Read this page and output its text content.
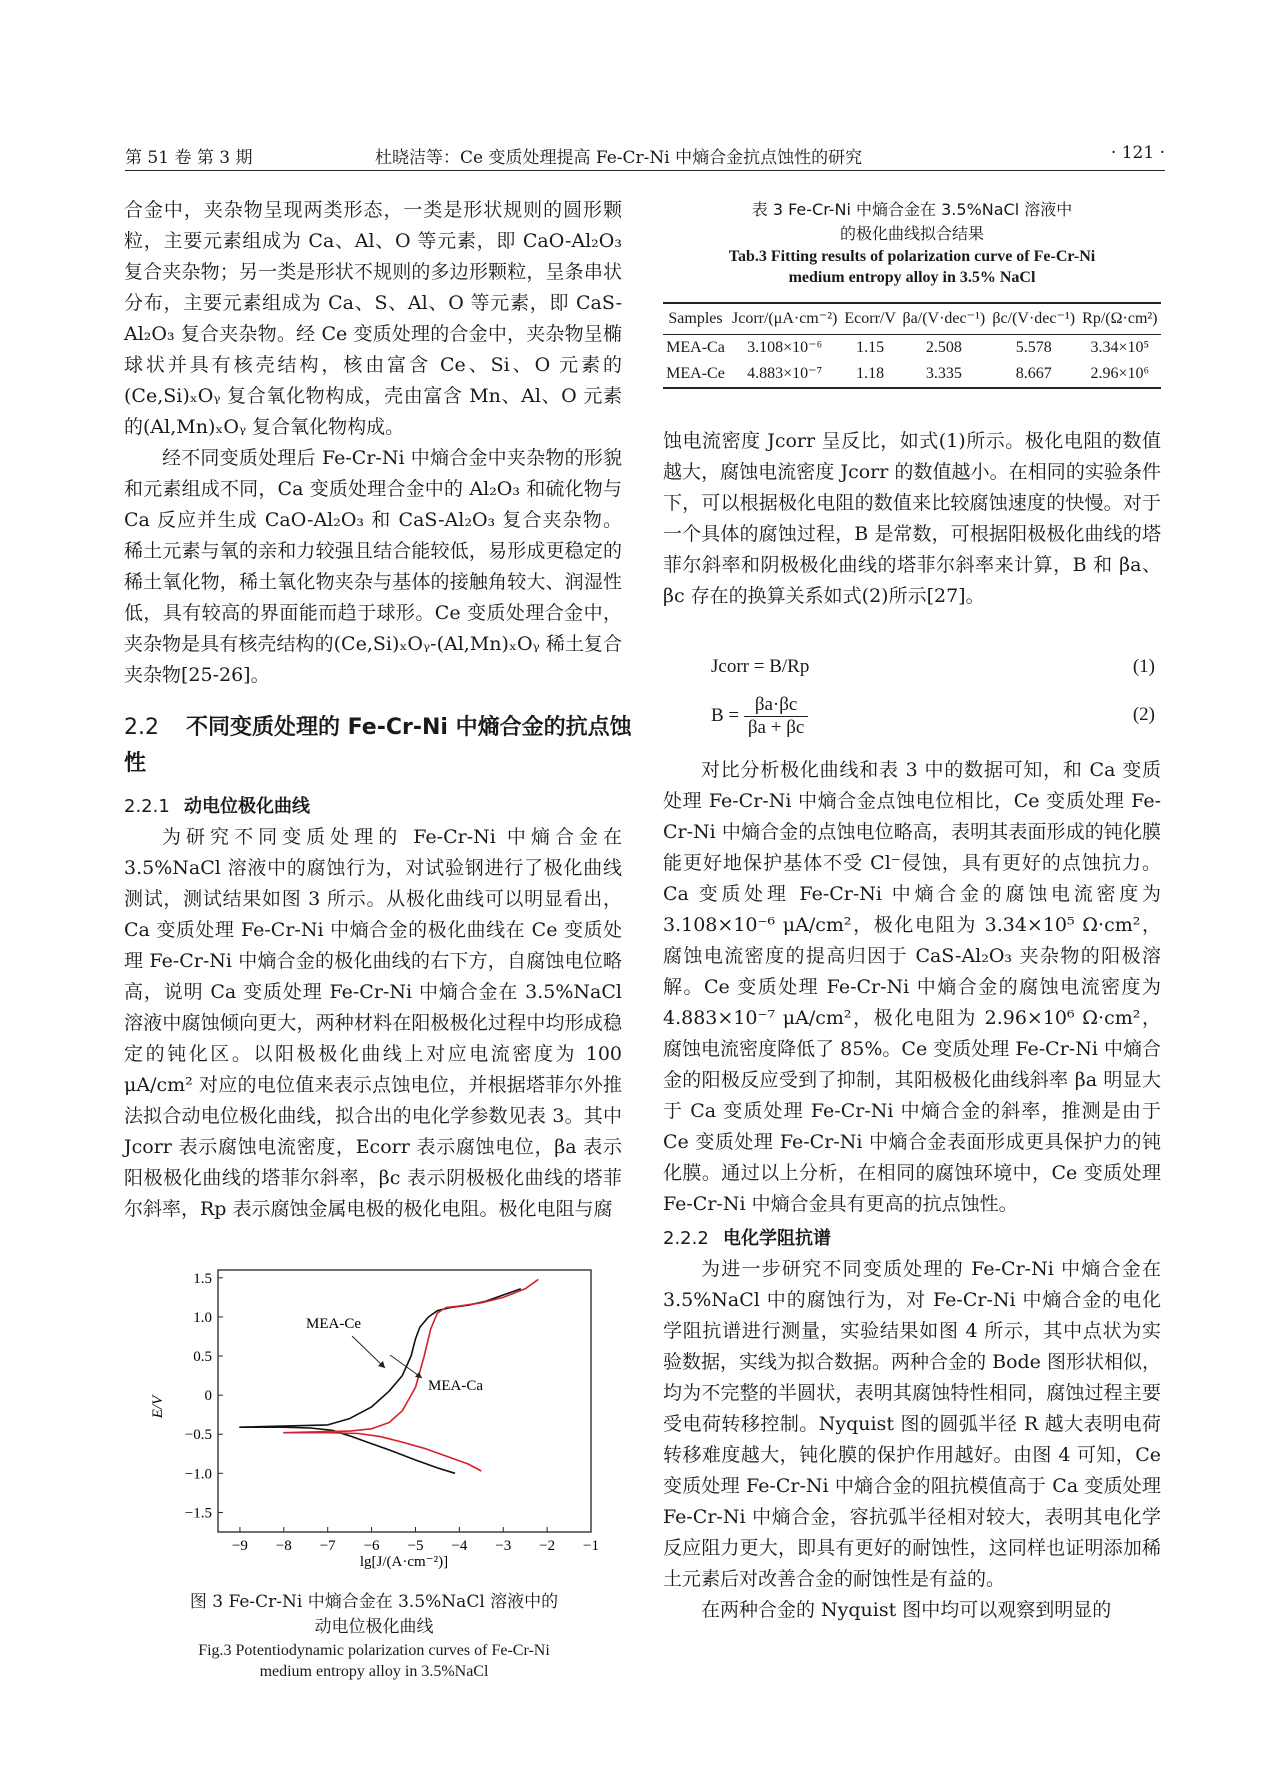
第 51 卷 第 3 期	杜晓洁等：Ce 变质处理提高 Fe-Cr-Ni 中熵合金抗点蚀性的研究	· 121 ·

合金中，夹杂物呈现两类形态，一类是形状规则的圆形颗粒，主要元素组成为 Ca、Al、O 等元素，即 CaO-Al₂O₃ 复合夹杂物；另一类是形状不规则的多边形颗粒，呈条串状分布，主要元素组成为 Ca、S、Al、O 等元素，即 CaS-Al₂O₃ 复合夹杂物。经 Ce 变质处理的合金中，夹杂物呈椭球状并具有核壳结构，核由富含 Ce、Si、O 元素的(Ce,Si)ₓOᵧ 复合氧化物构成，壳由富含 Mn、Al、O 元素的(Al,Mn)ₓOᵧ 复合氧化物构成。

经不同变质处理后 Fe-Cr-Ni 中熵合金中夹杂物的形貌和元素组成不同，Ca 变质处理合金中的 Al₂O₃ 和硫化物与 Ca 反应并生成 CaO-Al₂O₃ 和 CaS-Al₂O₃ 复合夹杂物。稀土元素与氧的亲和力较强且结合能较低，易形成更稳定的稀土氧化物，稀土氧化物夹杂与基体的接触角较大、润湿性低，具有较高的界面能而趋于球形。Ce 变质处理合金中，夹杂物是具有核壳结构的(Ce,Si)ₓOᵧ-(Al,Mn)ₓOᵧ 稀土复合夹杂物[25-26]。

2.2 不同变质处理的 Fe-Cr-Ni 中熵合金的抗点蚀性
2.2.1 动电位极化曲线

为研究不同变质处理的 Fe-Cr-Ni 中熵合金在 3.5%NaCl 溶液中的腐蚀行为，对试验钢进行了极化曲线测试，测试结果如图 3 所示。从极化曲线可以明显看出，Ca 变质处理 Fe-Cr-Ni 中熵合金的极化曲线在 Ce 变质处理 Fe-Cr-Ni 中熵合金的极化曲线的右下方，自腐蚀电位略高，说明 Ca 变质处理 Fe-Cr-Ni 中熵合金在 3.5%NaCl 溶液中腐蚀倾向更大，两种材料在阳极极化过程中均形成稳定的钝化区。以阳极极化曲线上对应电流密度为 100 μA/cm² 对应的电位值来表示点蚀电位，并根据塔菲尔外推法拟合动电位极化曲线，拟合出的电化学参数见表 3。其中 Jcorr 表示腐蚀电流密度，Ecorr 表示腐蚀电位，βa 表示阳极极化曲线的塔菲尔斜率，βc 表示阴极极化曲线的塔菲尔斜率，Rp 表示腐蚀金属电极的极化电阻。极化电阻与腐

−9 −8 −7 −6 −5 −4 −3 −2 −1
1.5
1.0
0.5
0
−0.5
−1.0
−1.5
lg[J/(A·cm⁻²)]
E/V
MEA-Ce
MEA-Ca
图 3 Fe-Cr-Ni 中熵合金在 3.5%NaCl 溶液中的
动电位极化曲线
Fig.3 Potentiodynamic polarization curves of Fe-Cr-Ni
medium entropy alloy in 3.5%NaCl
表 3 Fe-Cr-Ni 中熵合金在 3.5%NaCl 溶液中
的极化曲线拟合结果
Tab.3 Fitting results of polarization curve of Fe-Cr-Ni
medium entropy alloy in 3.5% NaCl
Samples	Jcorr/(μA·cm⁻²)	Ecorr/V	βa/(V·dec⁻¹)	βc/(V·dec⁻¹)	Rp/(Ω·cm²)
MEA-Ca	3.108×10⁻⁶	1.15	2.508	5.578	3.34×10⁵
MEA-Ce	4.883×10⁻⁷	1.18	3.335	8.667	2.96×10⁶

蚀电流密度 Jcorr 呈反比，如式(1)所示。极化电阻的数值越大，腐蚀电流密度 Jcorr 的数值越小。在相同的实验条件下，可以根据极化电阻的数值来比较腐蚀速度的快慢。对于一个具体的腐蚀过程，B 是常数，可根据阳极极化曲线的塔菲尔斜率和阴极极化曲线的塔菲尔斜率来计算，B 和 βa、βc 存在的换算关系如式(2)所示[27]。

Jcorr = B/Rp	(1)
$B = \frac{\beta a\cdot\beta c}{\beta a + \beta c}$	(2)

对比分析极化曲线和表 3 中的数据可知，和 Ca 变质处理 Fe-Cr-Ni 中熵合金点蚀电位相比，Ce 变质处理 Fe-Cr-Ni 中熵合金的点蚀电位略高，表明其表面形成的钝化膜能更好地保护基体不受 Cl⁻侵蚀，具有更好的点蚀抗力。Ca 变质处理 Fe-Cr-Ni 中熵合金的腐蚀电流密度为 3.108×10⁻⁶ μA/cm²，极化电阻为 3.34×10⁵ Ω·cm²，腐蚀电流密度的提高归因于 CaS-Al₂O₃ 夹杂物的阳极溶解。Ce 变质处理 Fe-Cr-Ni 中熵合金的腐蚀电流密度为 4.883×10⁻⁷ μA/cm²，极化电阻为 2.96×10⁶ Ω·cm²，腐蚀电流密度降低了 85%。Ce 变质处理 Fe-Cr-Ni 中熵合金的阳极反应受到了抑制，其阳极极化曲线斜率 βa 明显大于 Ca 变质处理 Fe-Cr-Ni 中熵合金的斜率，推测是由于 Ce 变质处理 Fe-Cr-Ni 中熵合金表面形成更具保护力的钝化膜。通过以上分析，在相同的腐蚀环境中，Ce 变质处理 Fe-Cr-Ni 中熵合金具有更高的抗点蚀性。

2.2.2 电化学阻抗谱

为进一步研究不同变质处理的 Fe-Cr-Ni 中熵合金在 3.5%NaCl 中的腐蚀行为，对 Fe-Cr-Ni 中熵合金的电化学阻抗谱进行测量，实验结果如图 4 所示，其中点状为实验数据，实线为拟合数据。两种合金的 Bode 图形状相似，均为不完整的半圆状，表明其腐蚀特性相同，腐蚀过程主要受电荷转移控制。Nyquist 图的圆弧半径 R 越大表明电荷转移难度越大，钝化膜的保护作用越好。由图 4 可知，Ce 变质处理 Fe-Cr-Ni 中熵合金的阻抗模值高于 Ca 变质处理 Fe-Cr-Ni 中熵合金，容抗弧半径相对较大，表明其电化学反应阻力更大，即具有更好的耐蚀性，这同样也证明添加稀土元素后对改善合金的耐蚀性是有益的。

在两种合金的 Nyquist 图中均可以观察到明显的
